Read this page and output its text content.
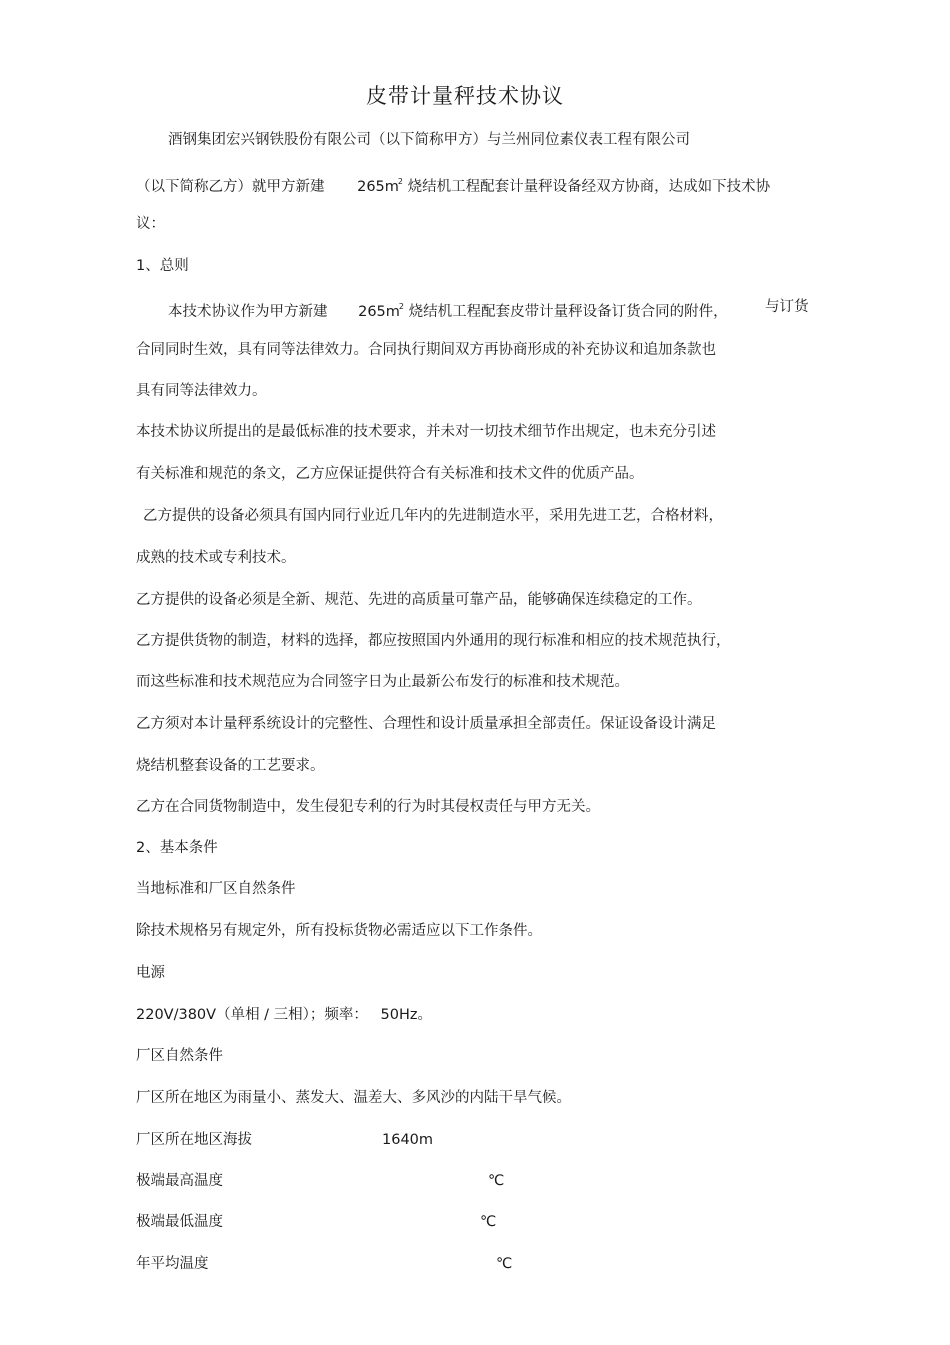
皮带计量秤技术协议
酒钢集团宏兴钢铁股份有限公司（以下简称甲方）与兰州同位素仪表工程有限公司
（以下简称乙方）就甲方新建 $265m^2$ 烧结机工程配套计量秤设备经双方协商，达成如下技术协
议：
1、总则
本技术协议作为甲方新建 $265m^2$ 烧结机工程配套皮带计量秤设备订货合同的附件，	与订货
合同同时生效，具有同等法律效力。合同执行期间双方再协商形成的补充协议和追加条款也
具有同等法律效力。
本技术协议所提出的是最低标准的技术要求，并未对一切技术细节作出规定，也未充分引述
有关标准和规范的条文，乙方应保证提供符合有关标准和技术文件的优质产品。
乙方提供的设备必须具有国内同行业近几年内的先进制造水平，采用先进工艺，合格材料，
成熟的技术或专利技术。
乙方提供的设备必须是全新、规范、先进的高质量可靠产品，能够确保连续稳定的工作。
乙方提供货物的制造，材料的选择，都应按照国内外通用的现行标准和相应的技术规范执行，
而这些标准和技术规范应为合同签字日为止最新公布发行的标准和技术规范。
乙方须对本计量秤系统设计的完整性、合理性和设计质量承担全部责任。保证设备设计满足
烧结机整套设备的工艺要求。
乙方在合同货物制造中，发生侵犯专利的行为时其侵权责任与甲方无关。
2、基本条件
当地标准和厂区自然条件
除技术规格另有规定外，所有投标货物必需适应以下工作条件。
电源
220V/380V（单相 / 三相）；频率： 50Hz。
厂区自然条件
厂区所在地区为雨量小、蒸发大、温差大、多风沙的内陆干旱气候。
厂区所在地区海拔	1640m
极端最高温度	℃
极端最低温度	℃
年平均温度	℃
